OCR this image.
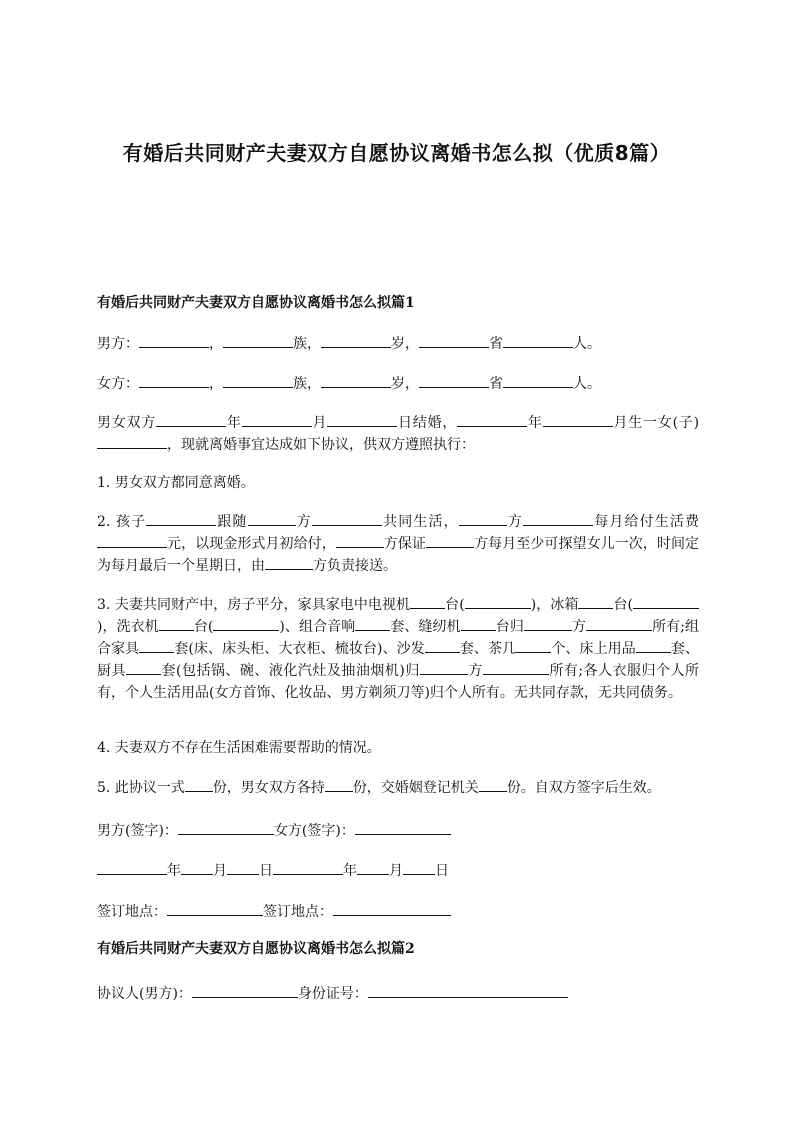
有婚后共同财产夫妻双方自愿协议离婚书怎么拟（优质8篇）
有婚后共同财产夫妻双方自愿协议离婚书怎么拟篇1
男方：	，	族，	岁，	省	人。
女方：	，	族，	岁，	省	人。
男女双方	年	月	日结婚，	年	月生一女(子)，现就离婚事宜达成如下协议，供双方遵照执行：
1. 男女双方都同意离婚。
2. 孩子	跟随	方	共同生活，	方	每月给付生活费元，以现金形式月初给付，	方保证	方每月至少可探望女儿一次，时间定为每月最后一个星期日，由	方负责接送。
3. 夫妻共同财产中，房子平分，家具家电中电视机	台(	)，冰箱	台()，洗衣机	台(	)、组合音响	套、缝纫机	台归	方	所有;组合家具	套(床、床头柜、大衣柜、梳妆台)、沙发	套、茶几	个、床上用品	套、厨具	套(包括锅、碗、液化汽灶及抽油烟机)归	方	所有;各人衣服归个人所有，个人生活用品(女方首饰、化妆品、男方剃须刀等)归个人所有。无共同存款，无共同债务。
4. 夫妻双方不存在生活困难需要帮助的情况。
5. 此协议一式 份，男女双方各持 份，交婚姻登记机关 份。自双方签字后生效。
男方(签字)：	女方(签字)：
年 月 日	年 月 日
签订地点：	签订地点：
有婚后共同财产夫妻双方自愿协议离婚书怎么拟篇2
协议人(男方)：	身份证号：
